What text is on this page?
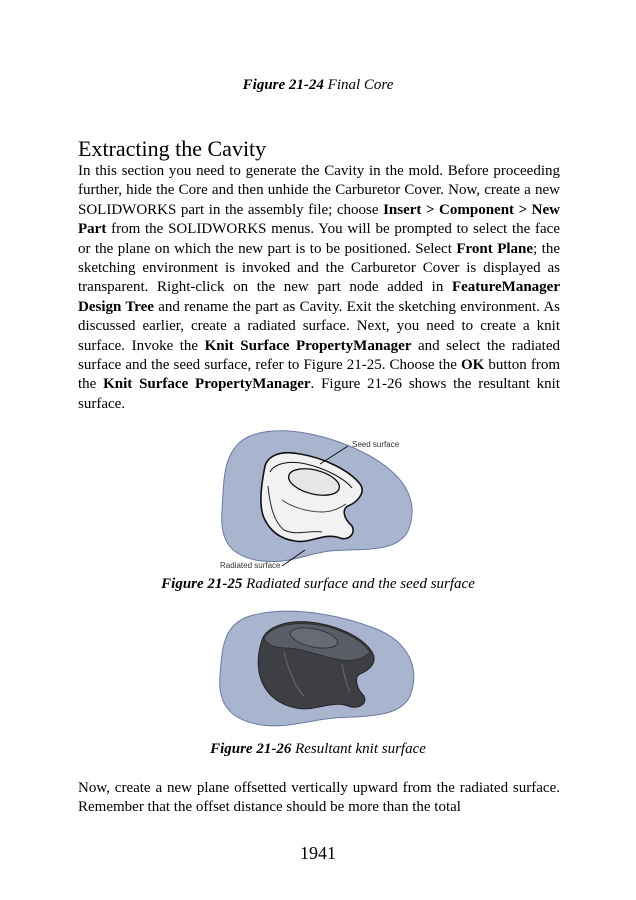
Figure 21-24 Final Core
Extracting the Cavity

In this section you need to generate the Cavity in the mold. Before proceeding further, hide the Core and then unhide the Carburetor Cover. Now, create a new SOLIDWORKS part in the assembly file; choose Insert > Component > New Part from the SOLIDWORKS menus. You will be prompted to select the face or the plane on which the new part is to be positioned. Select Front Plane; the sketching environment is invoked and the Carburetor Cover is displayed as transparent. Right-click on the new part node added in FeatureManager Design Tree and rename the part as Cavity. Exit the sketching environment. As discussed earlier, create a radiated surface. Next, you need to create a knit surface. Invoke the Knit Surface PropertyManager and select the radiated surface and the seed surface, refer to Figure 21-25. Choose the OK button from the Knit Surface PropertyManager. Figure 21-26 shows the resultant knit surface.

Seed surface
Radiated surface
Figure 21-25 Radiated surface and the seed surface
Figure 21-26 Resultant knit surface

Now, create a new plane offsetted vertically upward from the radiated surface. Remember that the offset distance should be more than the total

1941
